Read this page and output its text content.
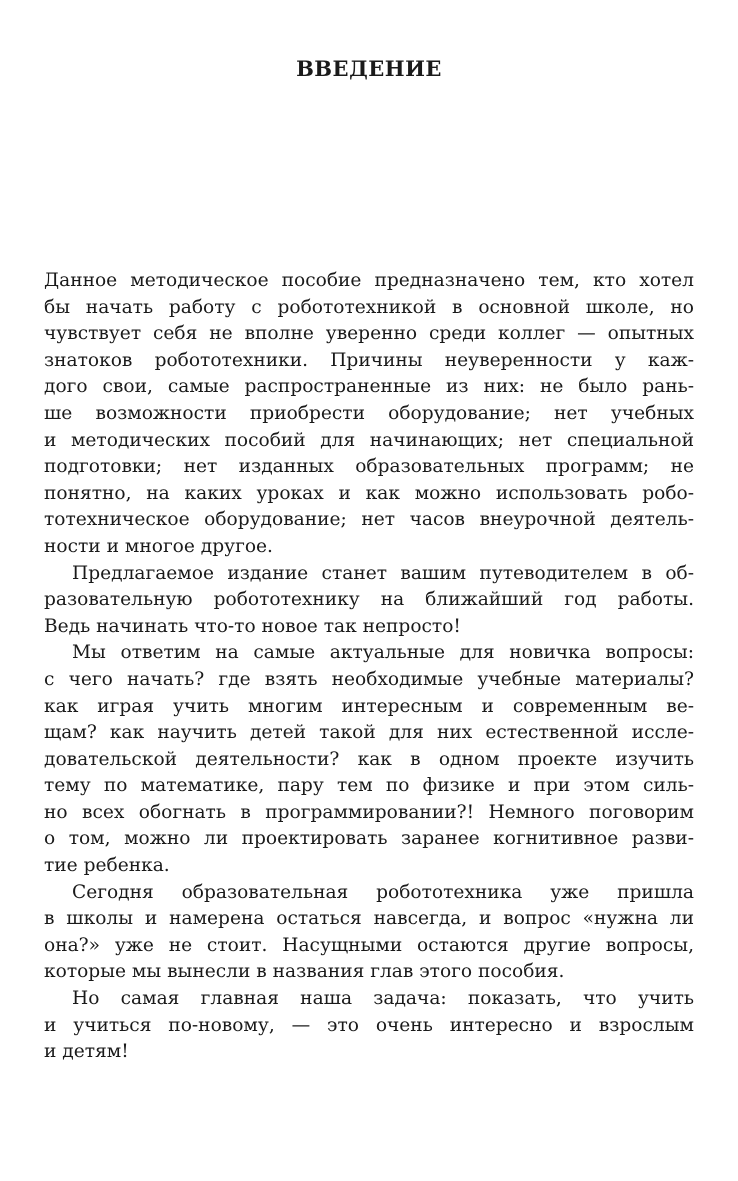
ВВЕДЕНИЕ
Данное методическое пособие предназначено тем, кто хотел
бы начать работу с робототехникой в основной школе, но
чувствует себя не вполне уверенно среди коллег — опытных
знатоков робототехники. Причины неуверенности у каж-
дого свои, самые распространенные из них: не было рань-
ше возможности приобрести оборудование; нет учебных
и методических пособий для начинающих; нет специальной
подготовки; нет изданных образовательных программ; не
понятно, на каких уроках и как можно использовать робо-
тотехническое оборудование; нет часов внеурочной деятель-
ности и многое другое.
Предлагаемое издание станет вашим путеводителем в об-
разовательную робототехнику на ближайший год работы.
Ведь начинать что-то новое так непросто!
Мы ответим на самые актуальные для новичка вопросы:
с чего начать? где взять необходимые учебные материалы?
как играя учить многим интересным и современным ве-
щам? как научить детей такой для них естественной иссле-
довательской деятельности? как в одном проекте изучить
тему по математике, пару тем по физике и при этом силь-
но всех обогнать в программировании?! Немного поговорим
о том, можно ли проектировать заранее когнитивное разви-
тие ребенка.
Сегодня образовательная робототехника уже пришла
в школы и намерена остаться навсегда, и вопрос «нужна ли
она?» уже не стоит. Насущными остаются другие вопросы,
которые мы вынесли в названия глав этого пособия.
Но самая главная наша задача: показать, что учить
и учиться по-новому, — это очень интересно и взрослым
и детям!
